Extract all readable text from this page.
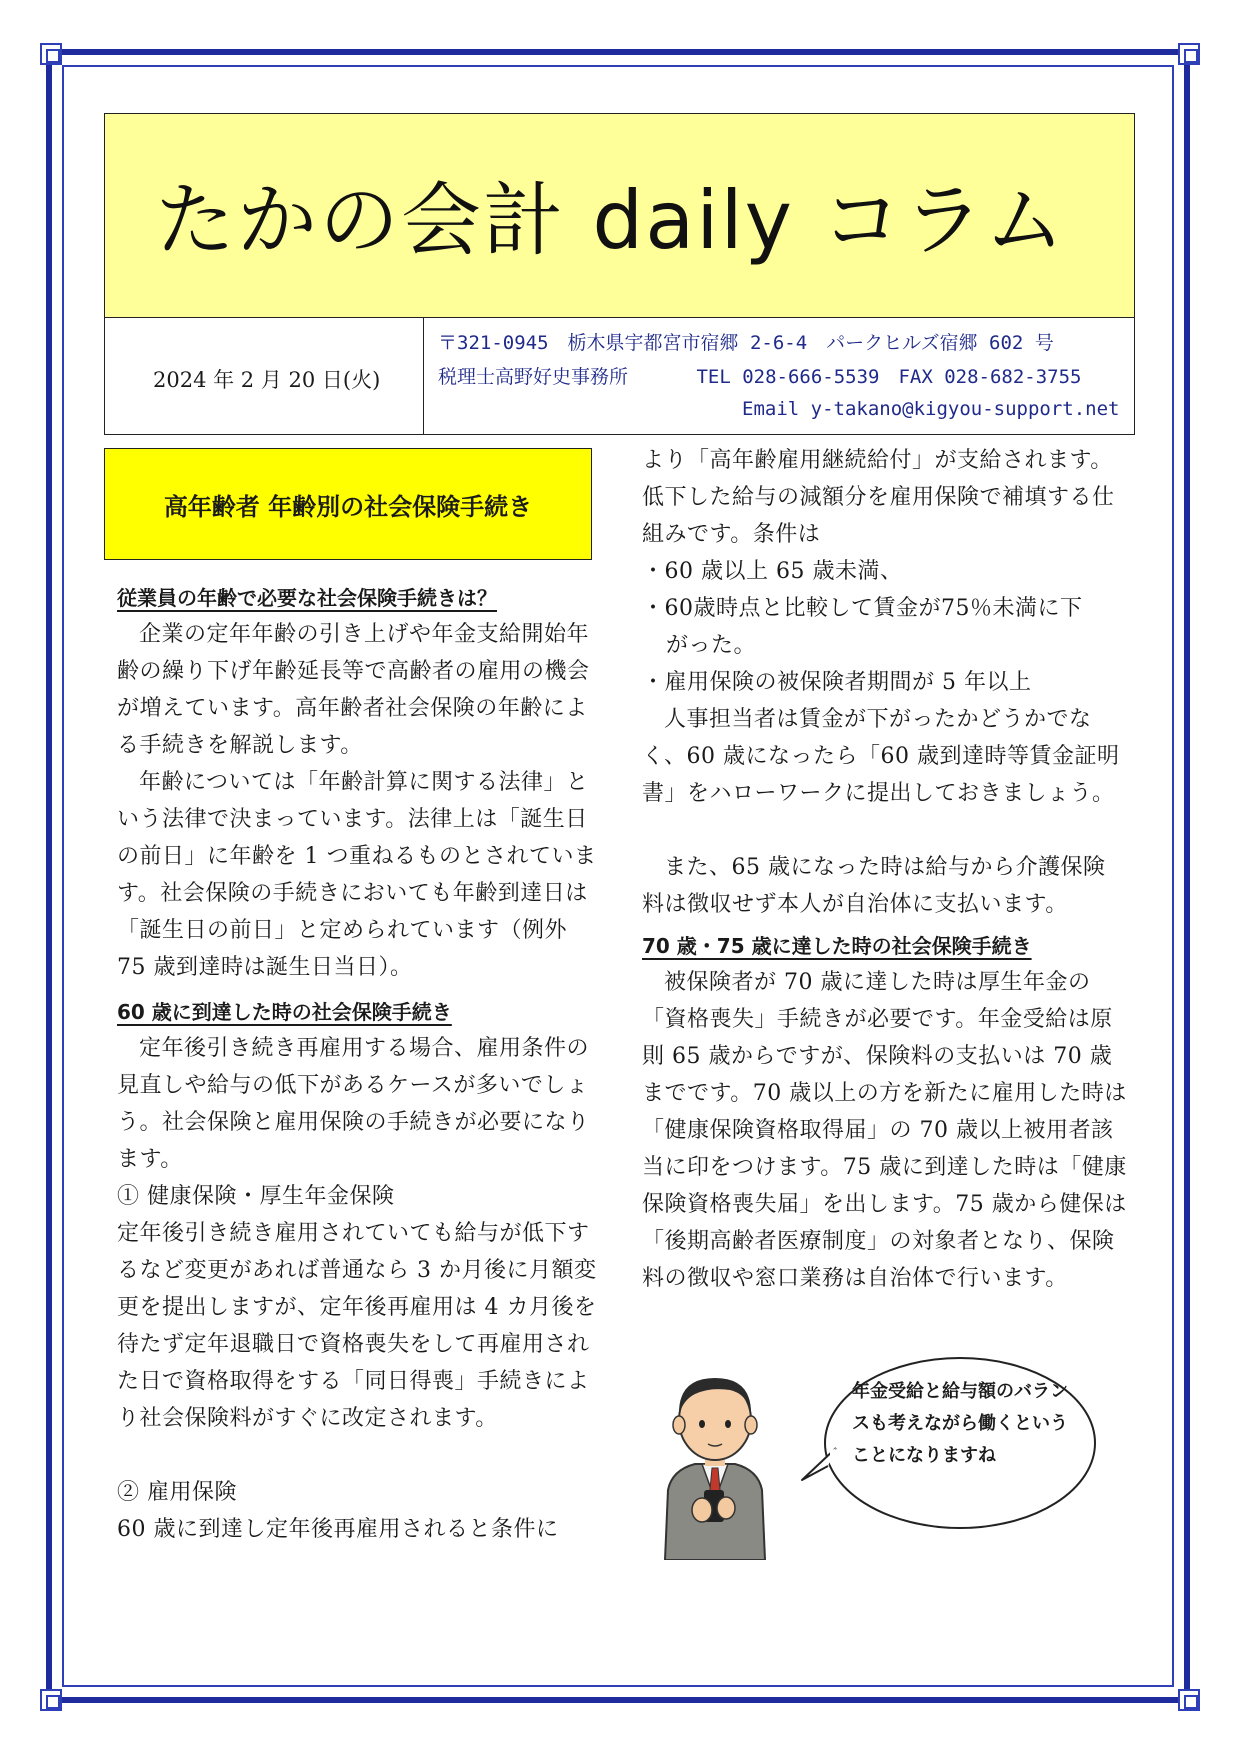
たかの会計 daily コラム
2024 年 2 月 20 日(火)
〒321-0945　栃木県宇都宮市宿郷 2-6-4　パークヒルズ宿郷 602 号
税理士高野好史事務所　　　 TEL 028-666-5539　FAX 028-682-3755
Email y-takano@kigyou-support.net
高年齢者 年齢別の社会保険手続き
従業員の年齢で必要な社会保険手続きは？

企業の定年年齢の引き上げや年金支給開始年齢の繰り下げ年齢延長等で高齢者の雇用の機会が増えています。高年齢者社会保険の年齢による手続きを解説します。

年齢については「年齢計算に関する法律」という法律で決まっています。法律上は「誕生日の前日」に年齢を 1 つ重ねるものとされています。社会保険の手続きにおいても年齢到達日は「誕生日の前日」と定められています（例外 75 歳到達時は誕生日当日）。

60 歳に到達した時の社会保険手続き

定年後引き続き再雇用する場合、雇用条件の見直しや給与の低下があるケースが多いでしょう。社会保険と雇用保険の手続きが必要になります。

① 健康保険・厚生年金保険

定年後引き続き雇用されていても給与が低下するなど変更があれば普通なら 3 か月後に月額変更を提出しますが、定年後再雇用は 4 カ月後を待たず定年退職日で資格喪失をして再雇用された日で資格取得をする「同日得喪」手続きにより社会保険料がすぐに改定されます。

② 雇用保険

60 歳に到達し定年後再雇用されると条件に

より「高年齢雇用継続給付」が支給されます。低下した給与の減額分を雇用保険で補填する仕組みです。条件は

・60 歳以上 65 歳未満、

・60歳時点と比較して賃金が75％未満に下

がった。

・雇用保険の被保険者期間が 5 年以上

人事担当者は賃金が下がったかどうかでなく、60 歳になったら「60 歳到達時等賃金証明書」をハローワークに提出しておきましょう。

また、65 歳になった時は給与から介護保険料は徴収せず本人が自治体に支払います。

70 歳・75 歳に達した時の社会保険手続き

被保険者が 70 歳に達した時は厚生年金の「資格喪失」手続きが必要です。年金受給は原則 65 歳からですが、保険料の支払いは 70 歳までです。70 歳以上の方を新たに雇用した時は「健康保険資格取得届」の 70 歳以上被用者該当に印をつけます。75 歳に到達した時は「健康保険資格喪失届」を出します。75 歳から健保は「後期高齢者医療制度」の対象者となり、保険料の徴収や窓口業務は自治体で行います。

年金受給と給与額のバランスも考えながら働くということになりますね
